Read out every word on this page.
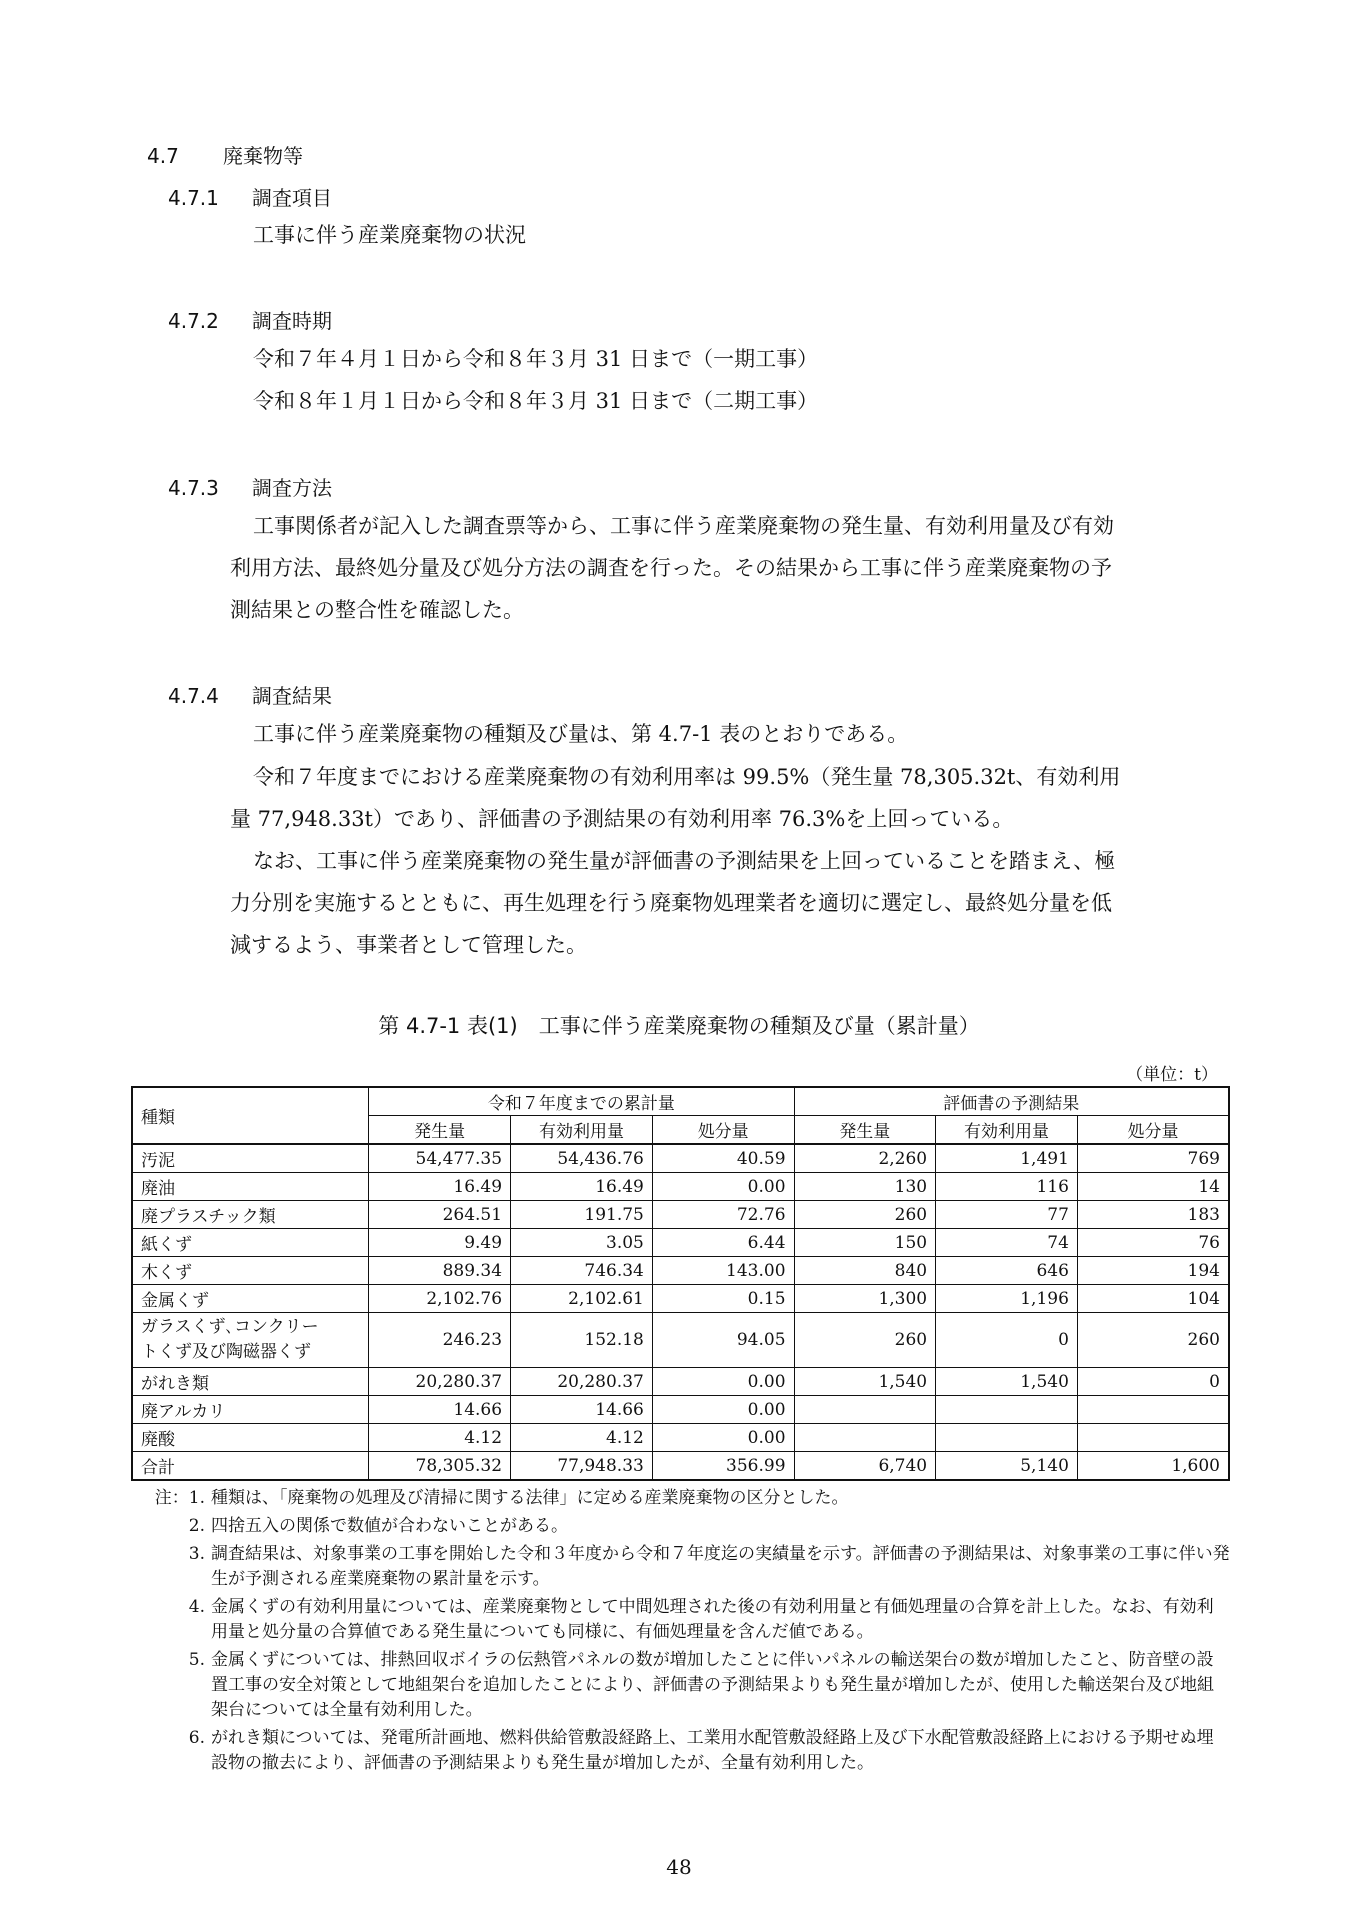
4.7 廃棄物等
4.7.1 調査項目
工事に伴う産業廃棄物の状況
4.7.2 調査時期
令和７年４月１日から令和８年３月 31 日まで（一期工事）
令和８年１月１日から令和８年３月 31 日まで（二期工事）
4.7.3 調査方法
工事関係者が記入した調査票等から、工事に伴う産業廃棄物の発生量、有効利用量及び有効
利用方法、最終処分量及び処分方法の調査を行った。その結果から工事に伴う産業廃棄物の予
測結果との整合性を確認した。
4.7.4 調査結果
工事に伴う産業廃棄物の種類及び量は、第 4.7-1 表のとおりである。
令和７年度までにおける産業廃棄物の有効利用率は 99.5%（発生量 78,305.32t、有効利用
量 77,948.33t）であり、評価書の予測結果の有効利用率 76.3%を上回っている。
なお、工事に伴う産業廃棄物の発生量が評価書の予測結果を上回っていることを踏まえ、極
力分別を実施するとともに、再生処理を行う廃棄物処理業者を適切に選定し、最終処分量を低
減するよう、事業者として管理した。
第 4.7-1 表(1)　工事に伴う産業廃棄物の種類及び量（累計量）
（単位：t）
種類	令和７年度までの累計量			評価書の予測結果		
	発生量	有効利用量	処分量	発生量	有効利用量	処分量
汚泥	54,477.35	54,436.76	40.59	2,260	1,491	769
廃油	16.49	16.49	0.00	130	116	14
廃プラスチック類	264.51	191.75	72.76	260	77	183
紙くず	9.49	3.05	6.44	150	74	76
木くず	889.34	746.34	143.00	840	646	194
金属くず	2,102.76	2,102.61	0.15	1,300	1,196	104
ガラスくず､コンクリー
トくず及び陶磁器くず	246.23	152.18	94.05	260	0	260
がれき類	20,280.37	20,280.37	0.00	1,540	1,540	0
廃アルカリ	14.66	14.66	0.00			
廃酸	4.12	4.12	0.00			
合計	78,305.32	77,948.33	356.99	6,740	5,140	1,600
注：1. 種類は、「廃棄物の処理及び清掃に関する法律」に定める産業廃棄物の区分とした。
2. 四捨五入の関係で数値が合わないことがある。
3. 調査結果は、対象事業の工事を開始した令和３年度から令和７年度迄の実績量を示す。評価書の予測結果は、対象事業の工事に伴い発生が予測される産業廃棄物の累計量を示す。
4. 金属くずの有効利用量については、産業廃棄物として中間処理された後の有効利用量と有価処理量の合算を計上した。なお、有効利用量と処分量の合算値である発生量についても同様に、有価処理量を含んだ値である。
5. 金属くずについては、排熱回収ボイラの伝熱管パネルの数が増加したことに伴いパネルの輸送架台の数が増加したこと、防音壁の設置工事の安全対策として地組架台を追加したことにより、評価書の予測結果よりも発生量が増加したが、使用した輸送架台及び地組架台については全量有効利用した。
6. がれき類については、発電所計画地、燃料供給管敷設経路上、工業用水配管敷設経路上及び下水配管敷設経路上における予期せぬ埋設物の撤去により、評価書の予測結果よりも発生量が増加したが、全量有効利用した。
48
